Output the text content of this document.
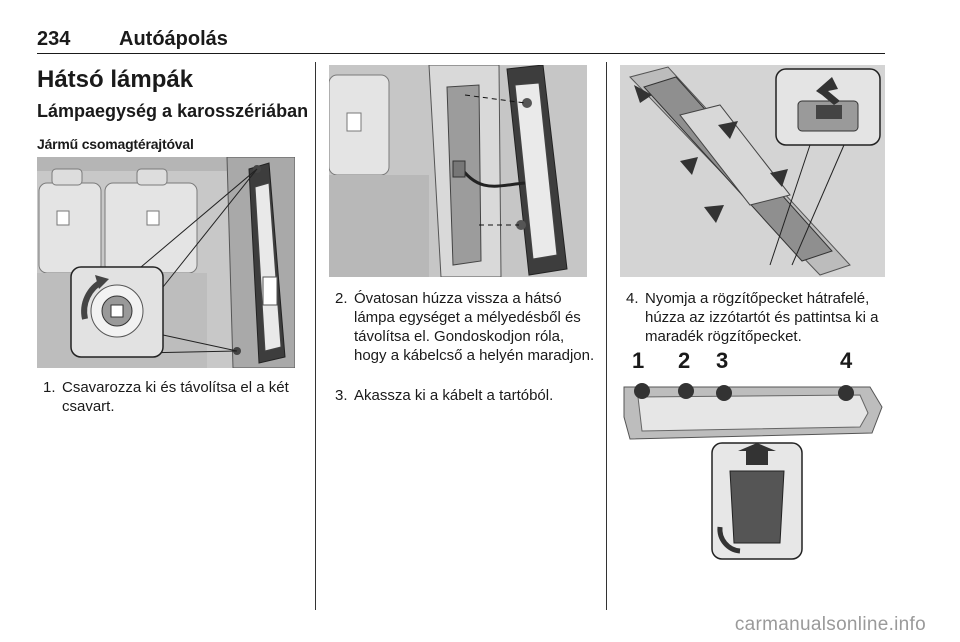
234 Autóápolás
Hátsó lámpák
Lámpaegység a karosszériában
Jármű csomagtérajtóval
1 2 3	4
1. Csavarozza ki és távolítsa el a két csavart.
2. Óvatosan húzza vissza a hátsó lámpa egységet a mélyedésből és távolítsa el. Gondoskodjon róla, hogy a kábelcső a helyén maradjon.
3. Akassza ki a kábelt a tartóból.
4. Nyomja a rögzítőpecket hátrafelé, húzza az izzótartót és pattintsa ki a maradék rögzítőpecket.
carmanualsonline.info
